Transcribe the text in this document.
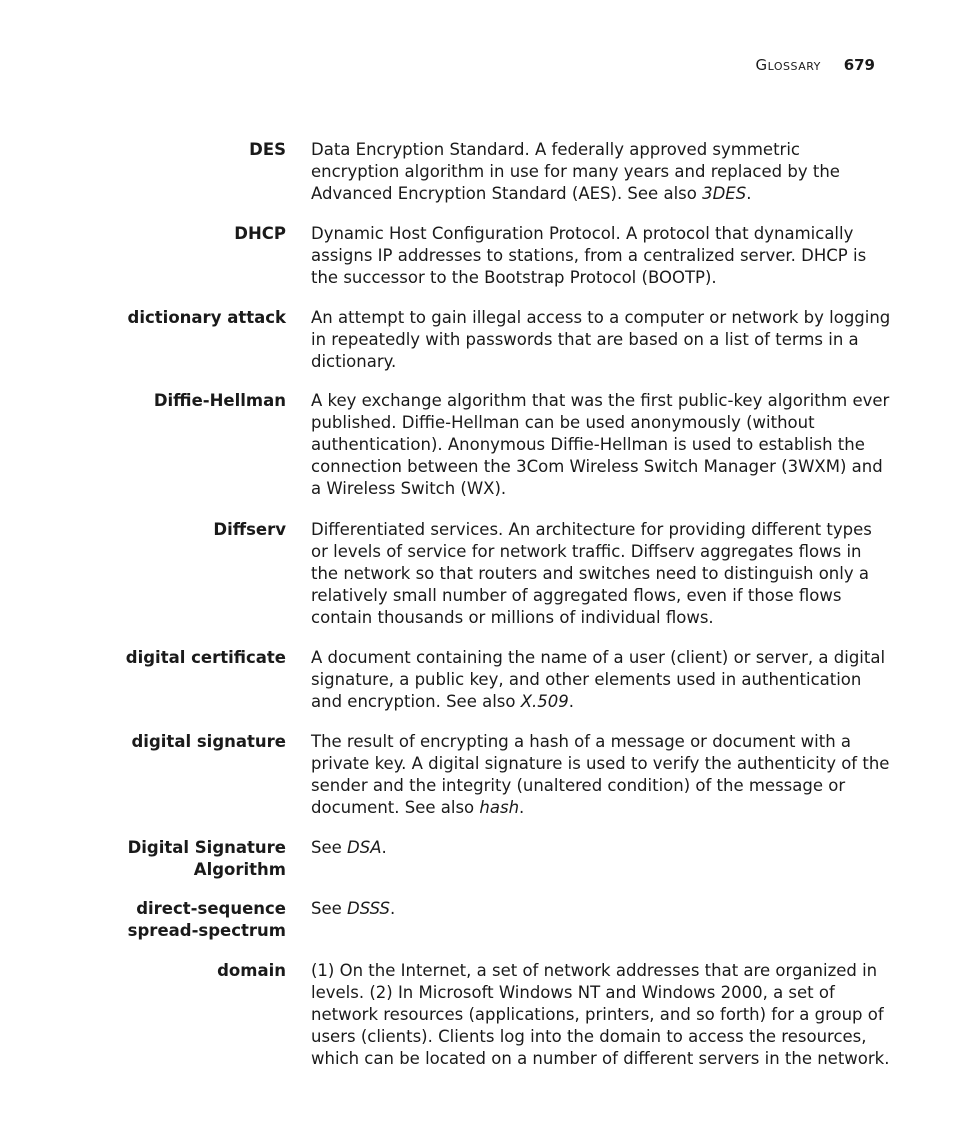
Glossary 679
DES Data Encryption Standard. A federally approved symmetric encryption algorithm in use for many years and replaced by the Advanced Encryption Standard (AES). See also 3DES.
DHCP Dynamic Host Configuration Protocol. A protocol that dynamically assigns IP addresses to stations, from a centralized server. DHCP is the successor to the Bootstrap Protocol (BOOTP).
dictionary attack An attempt to gain illegal access to a computer or network by logging in repeatedly with passwords that are based on a list of terms in a dictionary.
Diffie-Hellman A key exchange algorithm that was the first public-key algorithm ever published. Diffie-Hellman can be used anonymously (without authentication). Anonymous Diffie-Hellman is used to establish the connection between the 3Com Wireless Switch Manager (3WXM) and a Wireless Switch (WX).
Diffserv Differentiated services. An architecture for providing different types or levels of service for network traffic. Diffserv aggregates flows in the network so that routers and switches need to distinguish only a relatively small number of aggregated flows, even if those flows contain thousands or millions of individual flows.
digital certificate A document containing the name of a user (client) or server, a digital signature, a public key, and other elements used in authentication and encryption. See also X.509.
digital signature The result of encrypting a hash of a message or document with a private key. A digital signature is used to verify the authenticity of the sender and the integrity (unaltered condition) of the message or document. See also hash.
Digital Signature Algorithm
See DSA.
direct-sequence spread-spectrum
See DSSS.
domain (1) On the Internet, a set of network addresses that are organized in levels. (2) In Microsoft Windows NT and Windows 2000, a set of network resources (applications, printers, and so forth) for a group of users (clients). Clients log into the domain to access the resources, which can be located on a number of different servers in the network.
